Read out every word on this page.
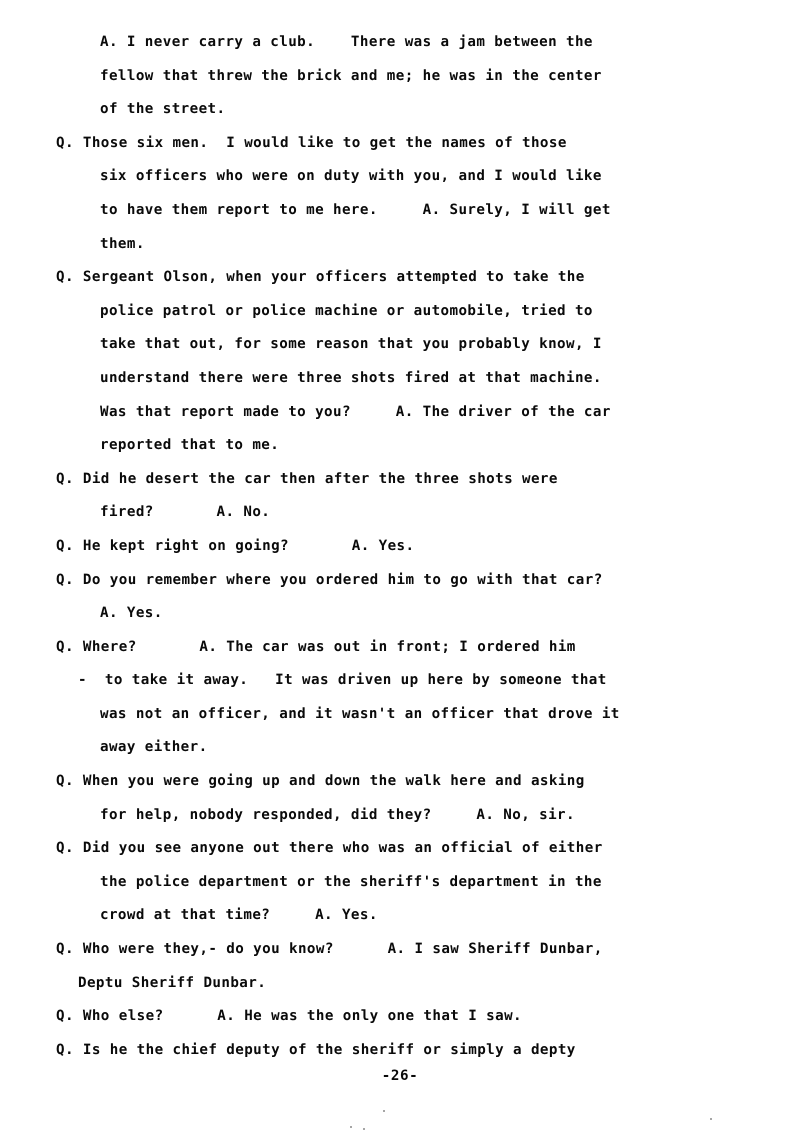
A. I never carry a club.    There was a jam between the
fellow that threw the brick and me; he was in the center
of the street.
Q. Those six men.  I would like to get the names of those
six officers who were on duty with you, and I would like
to have them report to me here.     A. Surely, I will get
them.
Q. Sergeant Olson, when your officers attempted to take the
police patrol or police machine or automobile, tried to
take that out, for some reason that you probably know, I
understand there were three shots fired at that machine.
Was that report made to you?     A. The driver of the car
reported that to me.
Q. Did he desert the car then after the three shots were
fired?       A. No.
Q. He kept right on going?       A. Yes.
Q. Do you remember where you ordered him to go with that car?
A. Yes.
Q. Where?       A. The car was out in front; I ordered him
-  to take it away.   It was driven up here by someone that
was not an officer, and it wasn't an officer that drove it
away either.
Q. When you were going up and down the walk here and asking
for help, nobody responded, did they?     A. No, sir.
Q. Did you see anyone out there who was an official of either
the police department or the sheriff's department in the
crowd at that time?     A. Yes.
Q. Who were they,- do you know?      A. I saw Sheriff Dunbar,
Deptu Sheriff Dunbar.
Q. Who else?      A. He was the only one that I saw.
Q. Is he the chief deputy of the sheriff or simply a depty
-26-
